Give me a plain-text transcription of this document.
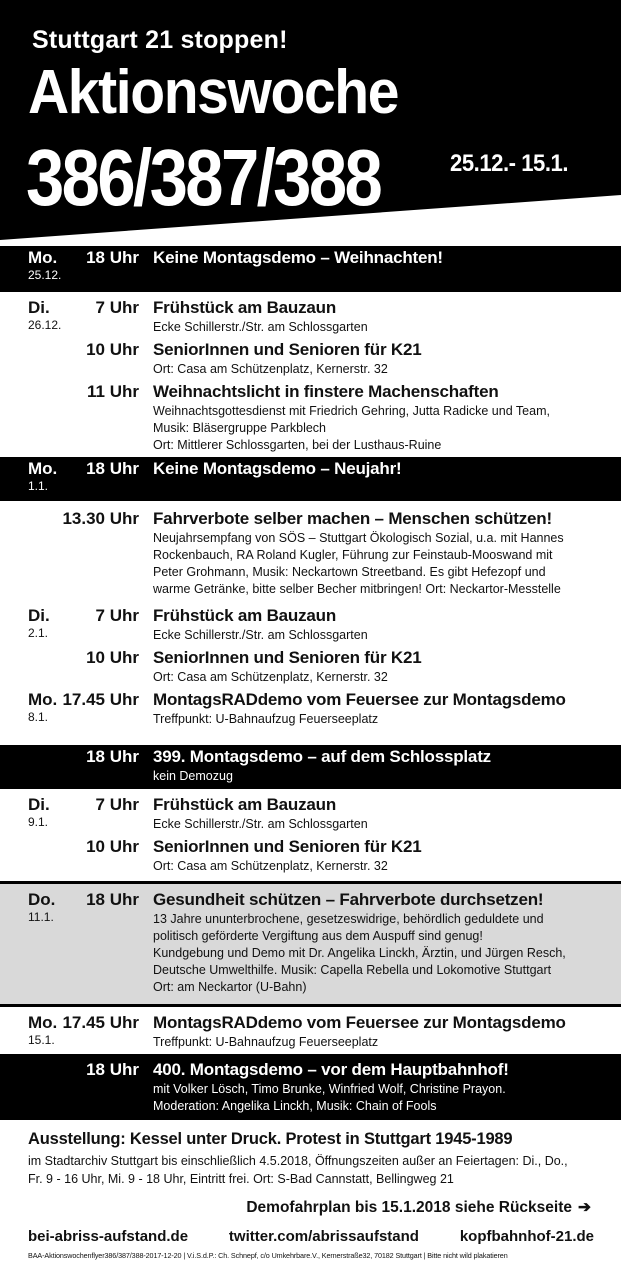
Stuttgart 21 stoppen!
Aktionswoche
386/387/388	25.12.- 15.1.
Mo.
25.12.
18 Uhr Keine Montagsdemo – Weihnachten!
Di.
26.12.
7 Uhr Frühstück am Bauzaun
Ecke Schillerstr./Str. am Schlossgarten
10 Uhr SeniorInnen und Senioren für K21
Ort: Casa am Schützenplatz, Kernerstr. 32
11 Uhr Weihnachtslicht in finstere Machenschaften
Weihnachtsgottesdienst mit Friedrich Gehring, Jutta Radicke und Team,
Musik: Bläsergruppe Parkblech
Ort: Mittlerer Schlossgarten, bei der Lusthaus-Ruine
Mo.
1.1.
18 Uhr Keine Montagsdemo – Neujahr!
13.30 Uhr Fahrverbote selber machen – Menschen schützen!
Neujahrsempfang von SÖS – Stuttgart Ökologisch Sozial, u.a. mit Hannes
Rockenbauch, RA Roland Kugler, Führung zur Feinstaub-Mooswand mit
Peter Grohmann, Musik: Neckartown Streetband. Es gibt Hefezopf und
warme Getränke, bitte selber Becher mitbringen! Ort: Neckartor-Messtelle
Di.
2.1.
7 Uhr Frühstück am Bauzaun
Ecke Schillerstr./Str. am Schlossgarten
10 Uhr SeniorInnen und Senioren für K21
Ort: Casa am Schützenplatz, Kernerstr. 32
Mo.
8.1.
17.45 Uhr MontagsRADdemo vom Feuersee zur Montagsdemo
Treffpunkt: U-Bahnaufzug Feuerseeplatz
18 Uhr 399. Montagsdemo – auf dem Schlossplatz
kein Demozug
Di.
9.1.
7 Uhr Frühstück am Bauzaun
Ecke Schillerstr./Str. am Schlossgarten
10 Uhr SeniorInnen und Senioren für K21
Ort: Casa am Schützenplatz, Kernerstr. 32
Do.
11.1.
18 Uhr Gesundheit schützen – Fahrverbote durchsetzen!
13 Jahre ununterbrochene, gesetzeswidrige, behördlich geduldete und
politisch geförderte Vergiftung aus dem Auspuff sind genug!
Kundgebung und Demo mit Dr. Angelika Linckh, Ärztin, und Jürgen Resch,
Deutsche Umwelthilfe. Musik: Capella Rebella und Lokomotive Stuttgart
Ort: am Neckartor (U-Bahn)
Mo.
15.1.
17.45 Uhr MontagsRADdemo vom Feuersee zur Montagsdemo
Treffpunkt: U-Bahnaufzug Feuerseeplatz
18 Uhr 400. Montagsdemo – vor dem Hauptbahnhof!
mit Volker Lösch, Timo Brunke, Winfried Wolf, Christine Prayon.
Moderation: Angelika Linckh, Musik: Chain of Fools
Ausstellung: Kessel unter Druck. Protest in Stuttgart 1945-1989
im Stadtarchiv Stuttgart bis einschließlich 4.5.2018, Öffnungszeiten außer an Feiertagen: Di., Do.,
Fr. 9 - 16 Uhr, Mi. 9 - 18 Uhr, Eintritt frei. Ort: S-Bad Cannstatt, Bellingweg 21
Demofahrplan bis 15.1.2018 siehe Rückseite ➔
bei-abriss-aufstand.de	twitter.com/abrissaufstand	kopfbahnhof-21.de
BAA-Aktionswochenflyer386/387/388-2017-12-20 | V.i.S.d.P.: Ch. Schnepf, c/o Umkehrbare.V., Kernerstraße32, 70182 Stuttgart | Bitte nicht wild plakatieren
